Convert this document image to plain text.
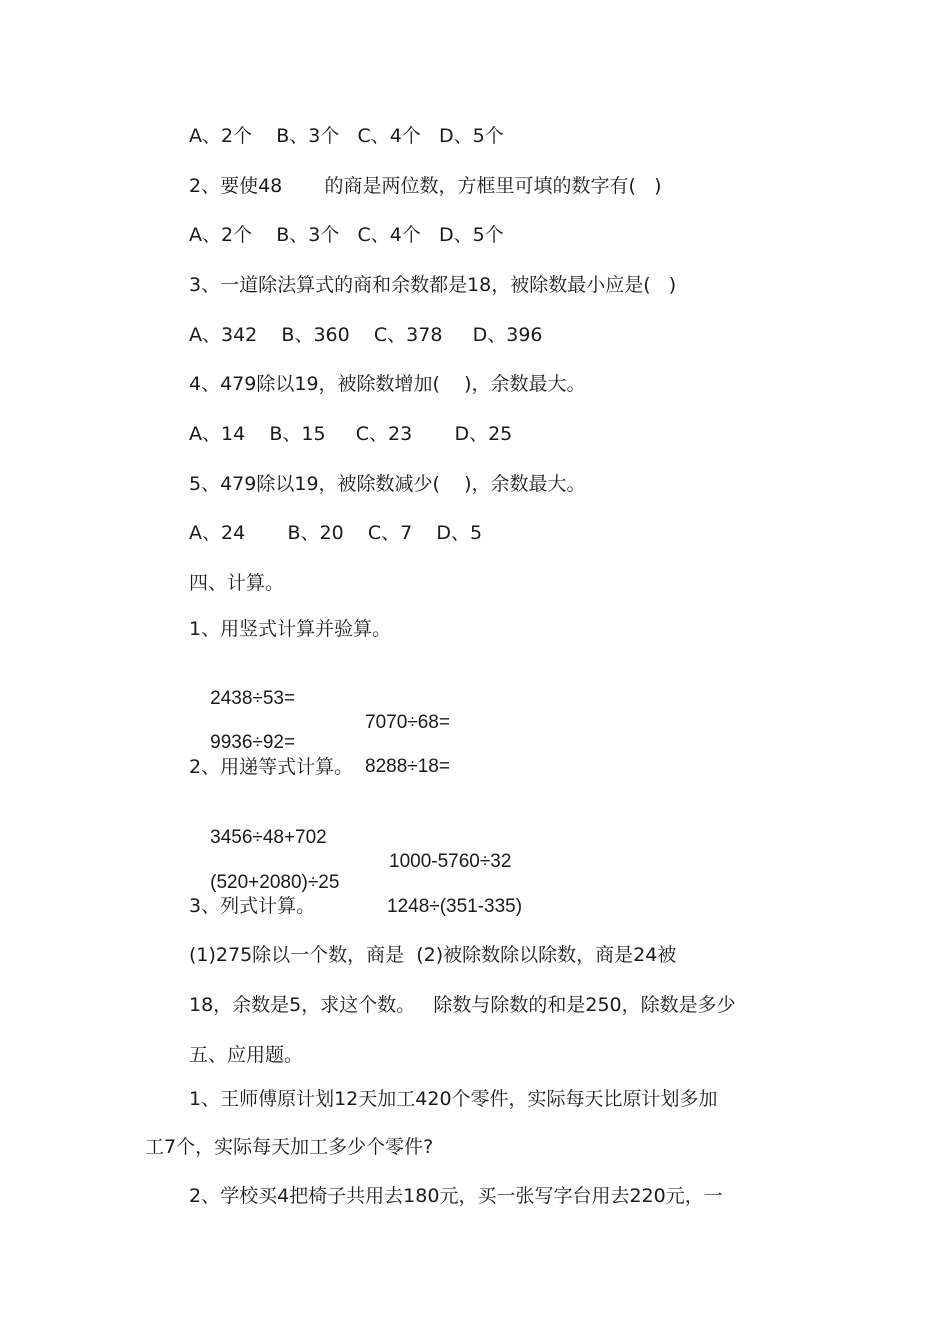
A、2个    B、3个   C、4个   D、5个
2、要使48       的商是两位数，方框里可填的数字有(   )
A、2个    B、3个   C、4个   D、5个
3、一道除法算式的商和余数都是18，被除数最小应是(   )
A、342    B、360    C、378     D、396
4、479除以19，被除数增加(    )，余数最大。
A、14    B、15     C、23       D、25
5、479除以19，被除数减少(    )，余数最大。
A、24       B、20    C、7    D、5
四、计算。
1、用竖式计算并验算。

2438÷53=

7070÷68=

9936÷92=

8288÷18=

2、用递等式计算。

3456÷48+702

1000-5760÷32

(520+2080)÷25

1248÷(351-335)

3、列式计算。
(1)275除以一个数，商是  (2)被除数除以除数，商是24被
18，余数是5，求这个数。   除数与除数的和是250，除数是多少
五、应用题。
1、王师傅原计划12天加工420个零件，实际每天比原计划多加
工7个，实际每天加工多少个零件?
2、学校买4把椅子共用去180元，买一张写字台用去220元，一
